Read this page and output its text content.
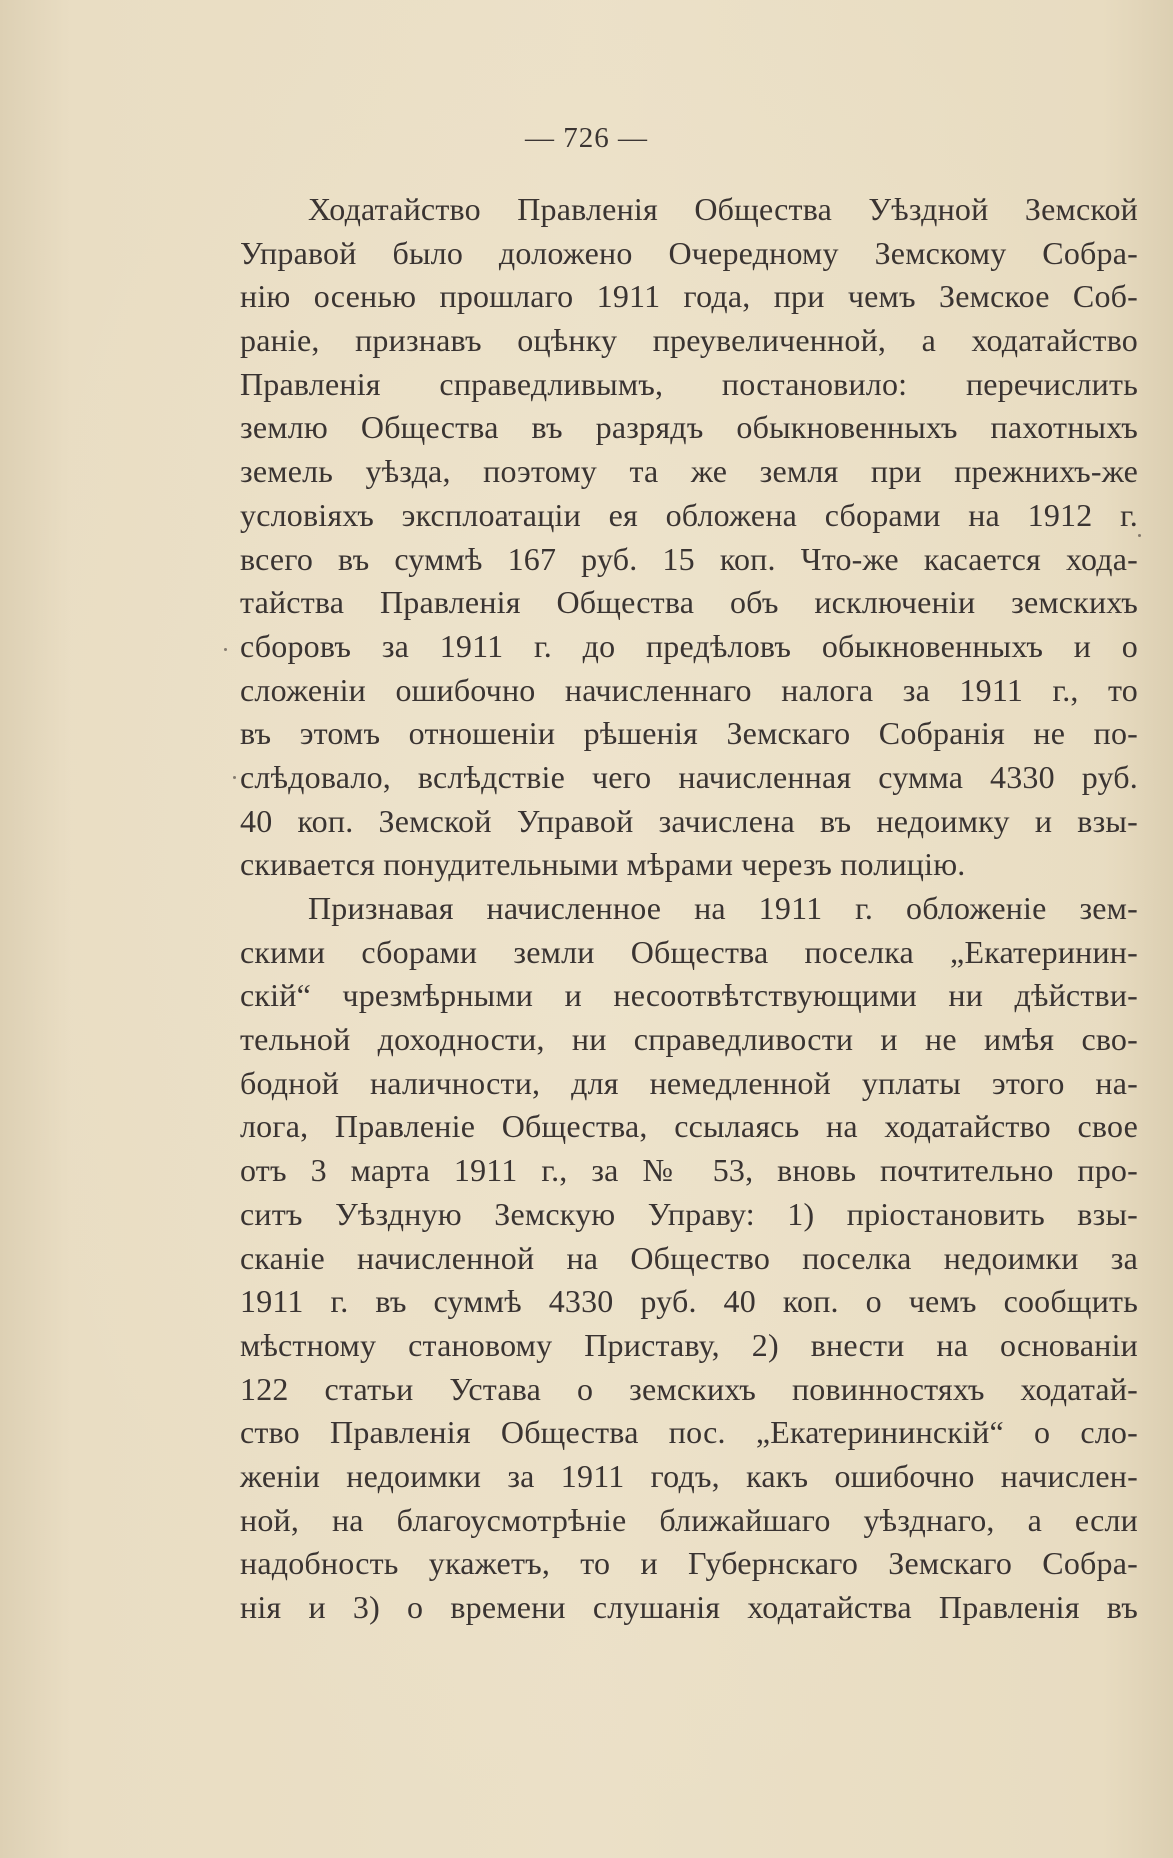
— 726 —
Ходатайство Правленія Общества Уѣздной Земской
Управой было доложено Очередному Земскому Собра-
нію осенью прошлаго 1911 года, при чемъ Земское Соб-
раніе, признавъ оцѣнку преувеличенной, а ходатайство
Правленія справедливымъ, постановило: перечислить
землю Общества въ разрядъ обыкновенныхъ пахотныхъ
земель уѣзда, поэтому та же земля при прежнихъ-же
условіяхъ эксплоатаціи ея обложена сборами на 1912 г.
всего въ суммѣ 167 руб. 15 коп. Что-же касается хода-
тайства Правленія Общества объ исключеніи земскихъ
сборовъ за 1911 г. до предѣловъ обыкновенныхъ и о
сложеніи ошибочно начисленнаго налога за 1911 г., то
въ этомъ отношеніи рѣшенія Земскаго Собранія не по-
слѣдовало, вслѣдствіе чего начисленная сумма 4330 руб.
40 коп. Земской Управой зачислена въ недоимку и взы-
скивается понудительными мѣрами черезъ полицію.
Признавая начисленное на 1911 г. обложеніе зем-
скими сборами земли Общества поселка „Екатеринин-
скій“ чрезмѣрными и несоотвѣтствующими ни дѣйстви-
тельной доходности, ни справедливости и не имѣя сво-
бодной наличности, для немедленной уплаты этого на-
лога, Правленіе Общества, ссылаясь на ходатайство свое
отъ 3 марта 1911 г., за № 53, вновь почтительно про-
ситъ Уѣздную Земскую Управу: 1) пріостановить взы-
сканіе начисленной на Общество поселка недоимки за
1911 г. въ суммѣ 4330 руб. 40 коп. о чемъ сообщить
мѣстному становому Приставу, 2) внести на основаніи
122 статьи Устава о земскихъ повинностяхъ ходатай-
ство Правленія Общества пос. „Екатерининскій“ о сло-
женіи недоимки за 1911 годъ, какъ ошибочно начислен-
ной, на благоусмотрѣніе ближайшаго уѣзднаго, а если
надобность укажетъ, то и Губернскаго Земскаго Собра-
нія и 3) о времени слушанія ходатайства Правленія въ
